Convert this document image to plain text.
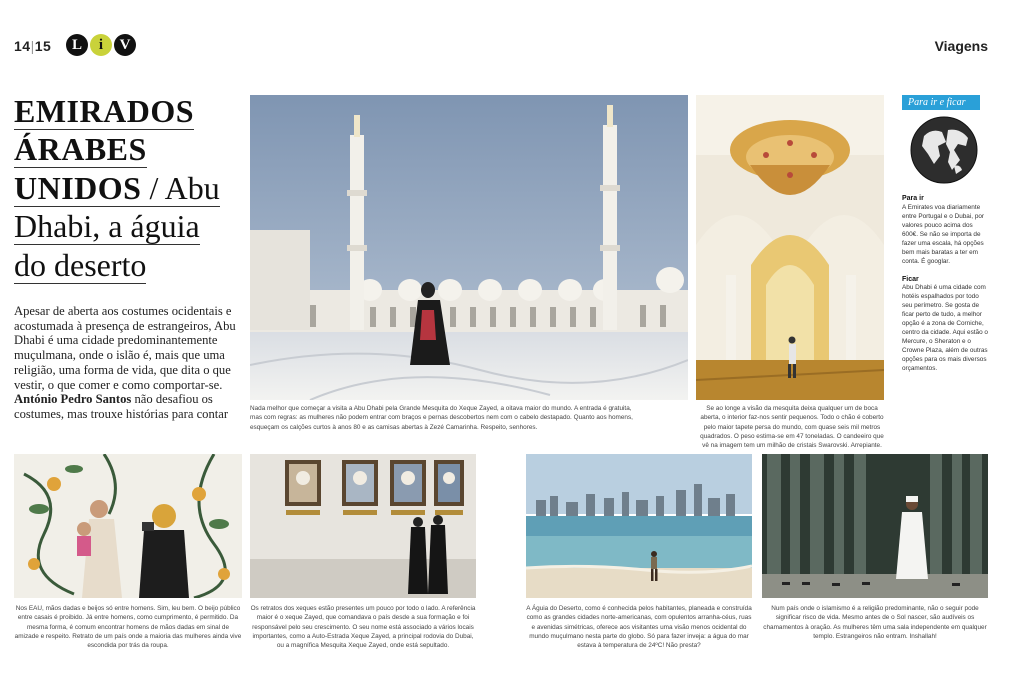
14|15	L	i	V	Viagens
EMIRADOS
ÁRABES
UNIDOS / Abu
Dhabi, a águia
do deserto
Apesar de aberta aos costumes ocidentais e acostumada à presença de estrangeiros, Abu Dhabi é uma cidade predominantemente muçulmana, onde o islão é, mais que uma religião, uma forma de vida, que dita o que vestir, o que comer e como comportar-se. António Pedro Santos não desafiou os costumes, mas trouxe histórias para contar	Nada melhor que começar a visita a Abu Dhabi pela Grande Mesquita do Xeque Zayed, a oitava maior do mundo. A entrada é gratuita, mas com regras: as mulheres não podem entrar com braços e pernas descobertos nem com o cabelo destapado. Quanto aos homens, esqueçam os calções curtos à anos 80 e as camisas abertas à Zezé Camarinha. Respeito, senhores.
Se ao longe a visão da mesquita deixa qualquer um de boca aberta, o interior faz-nos sentir pequenos. Todo o chão é coberto pelo maior tapete persa do mundo, com quase seis mil metros quadrados. O peso estima-se em 47 toneladas. O candeeiro que vê na imagem tem um milhão de cristais Swarovski. Arrepiante.
Para ir e ficar
Para ir

A Emirates voa diariamente entre Portugal e o Dubai, por valores pouco acima dos 600€. Se não se importa de fazer uma escala, há opções bem mais baratas a ter em conta. É googlar.

Ficar

Abu Dhabi é uma cidade com hotéis espalhados por todo seu perímetro. Se gosta de ficar perto de tudo, a melhor opção é a zona de Corniche, centro da cidade. Aqui estão o Mercure, o Sheraton e o Crowne Plaza, além de outras opções para os mais diversos orçamentos.

Nos EAU, mãos dadas e beijos só entre homens. Sim, leu bem. O beijo público entre casais é proibido. Já entre homens, como cumprimento, é permitido. Da mesma forma, é comum encontrar homens de mãos dadas em sinal de amizade e respeito. Retrato de um país onde a maioria das mulheres ainda vive escondida por trás da roupa.
Os retratos dos xeques estão presentes um pouco por todo o lado. A referência maior é o xeque Zayed, que comandava o país desde a sua formação e foi responsável pelo seu crescimento. O seu nome está associado a vários locais importantes, como a Auto-Estrada Xeque Zayed, a principal rodovia do Dubai, ou a magnífica Mesquita Xeque Zayed, onde está sepultado.
A Águia do Deserto, como é conhecida pelos habitantes, planeada e construída como as grandes cidades norte-americanas, com opulentos arranha-céus, ruas e avenidas simétricas, oferece aos visitantes uma visão menos ocidental do mundo muçulmano nesta parte do globo. Só para fazer inveja: a água do mar estava à temperatura de 24ºC! Não presta?
Num país onde o islamismo é a religião predominante, não o seguir pode significar risco de vida. Mesmo antes de o Sol nascer, são audíveis os chamamentos à oração. As mulheres têm uma sala independente em qualquer templo. Estrangeiros não entram. Inshallah!
